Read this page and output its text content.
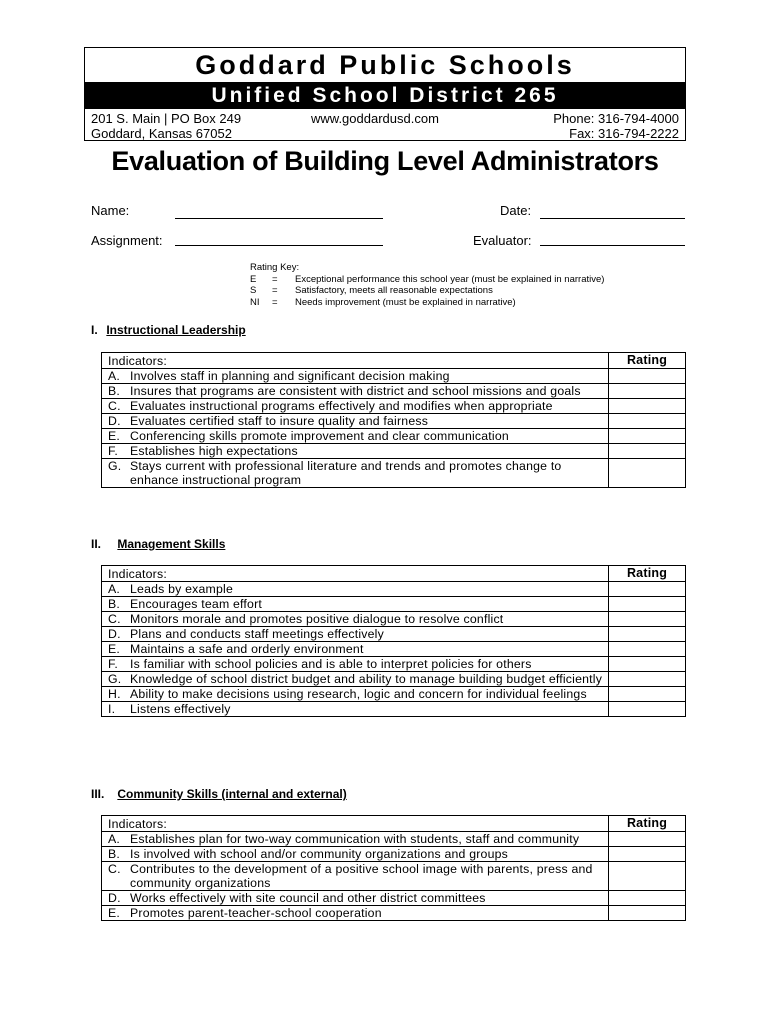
Goddard Public Schools
Unified School District 265
201 S. Main | PO Box 249
Goddard, Kansas 67052
www.goddardusd.com	Phone: 316-794-4000
Fax: 316-794-2222
Evaluation of Building Level Administrators
Name:	Date:
Assignment:	Evaluator:
Rating Key:
E	=	Exceptional performance this school year (must be explained in narrative)
S	=	Satisfactory, meets all reasonable expectations
NI	=	Needs improvement (must be explained in narrative)
I. Instructional Leadership
Indicators:	Rating

A. Involves staff in planning and significant decision making	

B. Insures that programs are consistent with district and school missions and goals	

C. Evaluates instructional programs effectively and modifies when appropriate	

D. Evaluates certified staff to insure quality and fairness	

E. Conferencing skills promote improvement and clear communication	

F. Establishes high expectations	

G. Stays current with professional literature and trends and promotes change to enhance instructional program	

II. Management Skills
Indicators:	Rating

A. Leads by example	

B. Encourages team effort	

C. Monitors morale and promotes positive dialogue to resolve conflict	

D. Plans and conducts staff meetings effectively	

E. Maintains a safe and orderly environment	

F. Is familiar with school policies and is able to interpret policies for others	

G. Knowledge of school district budget and ability to manage building budget efficiently	

H. Ability to make decisions using research, logic and concern for individual feelings	

I. Listens effectively	

III. Community Skills (internal and external)
Indicators:	Rating

A. Establishes plan for two-way communication with students, staff and community	

B. Is involved with school and/or community organizations and groups	

C. Contributes to the development of a positive school image with parents, press and community organizations	

D. Works effectively with site council and other district committees	

E. Promotes parent-teacher-school cooperation	
